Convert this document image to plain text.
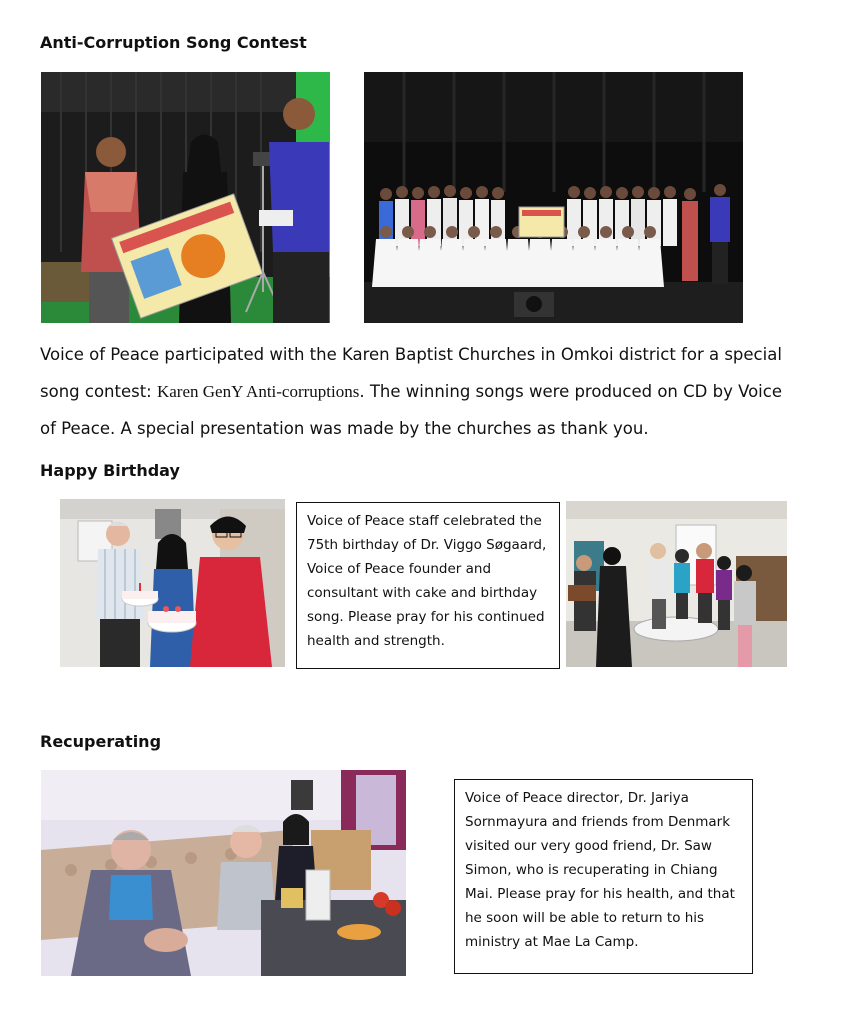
Anti-Corruption Song Contest
Voice of Peace participated with the Karen Baptist Churches in Omkoi district for a special song contest: Karen GenY Anti-corruptions. The winning songs were produced on CD by Voice of Peace. A special presentation was made by the churches as thank you.
Happy Birthday
Voice of Peace staff celebrated the 75th birthday of Dr. Viggo Søgaard, Voice of Peace founder and consultant with cake and birthday song. Please pray for his continued health and strength.
Recuperating
Voice of Peace director, Dr. Jariya Sornmayura and friends from Denmark visited our very good friend, Dr. Saw Simon, who is recuperating in Chiang Mai. Please pray for his health, and that he soon will be able to return to his ministry at Mae La Camp.
